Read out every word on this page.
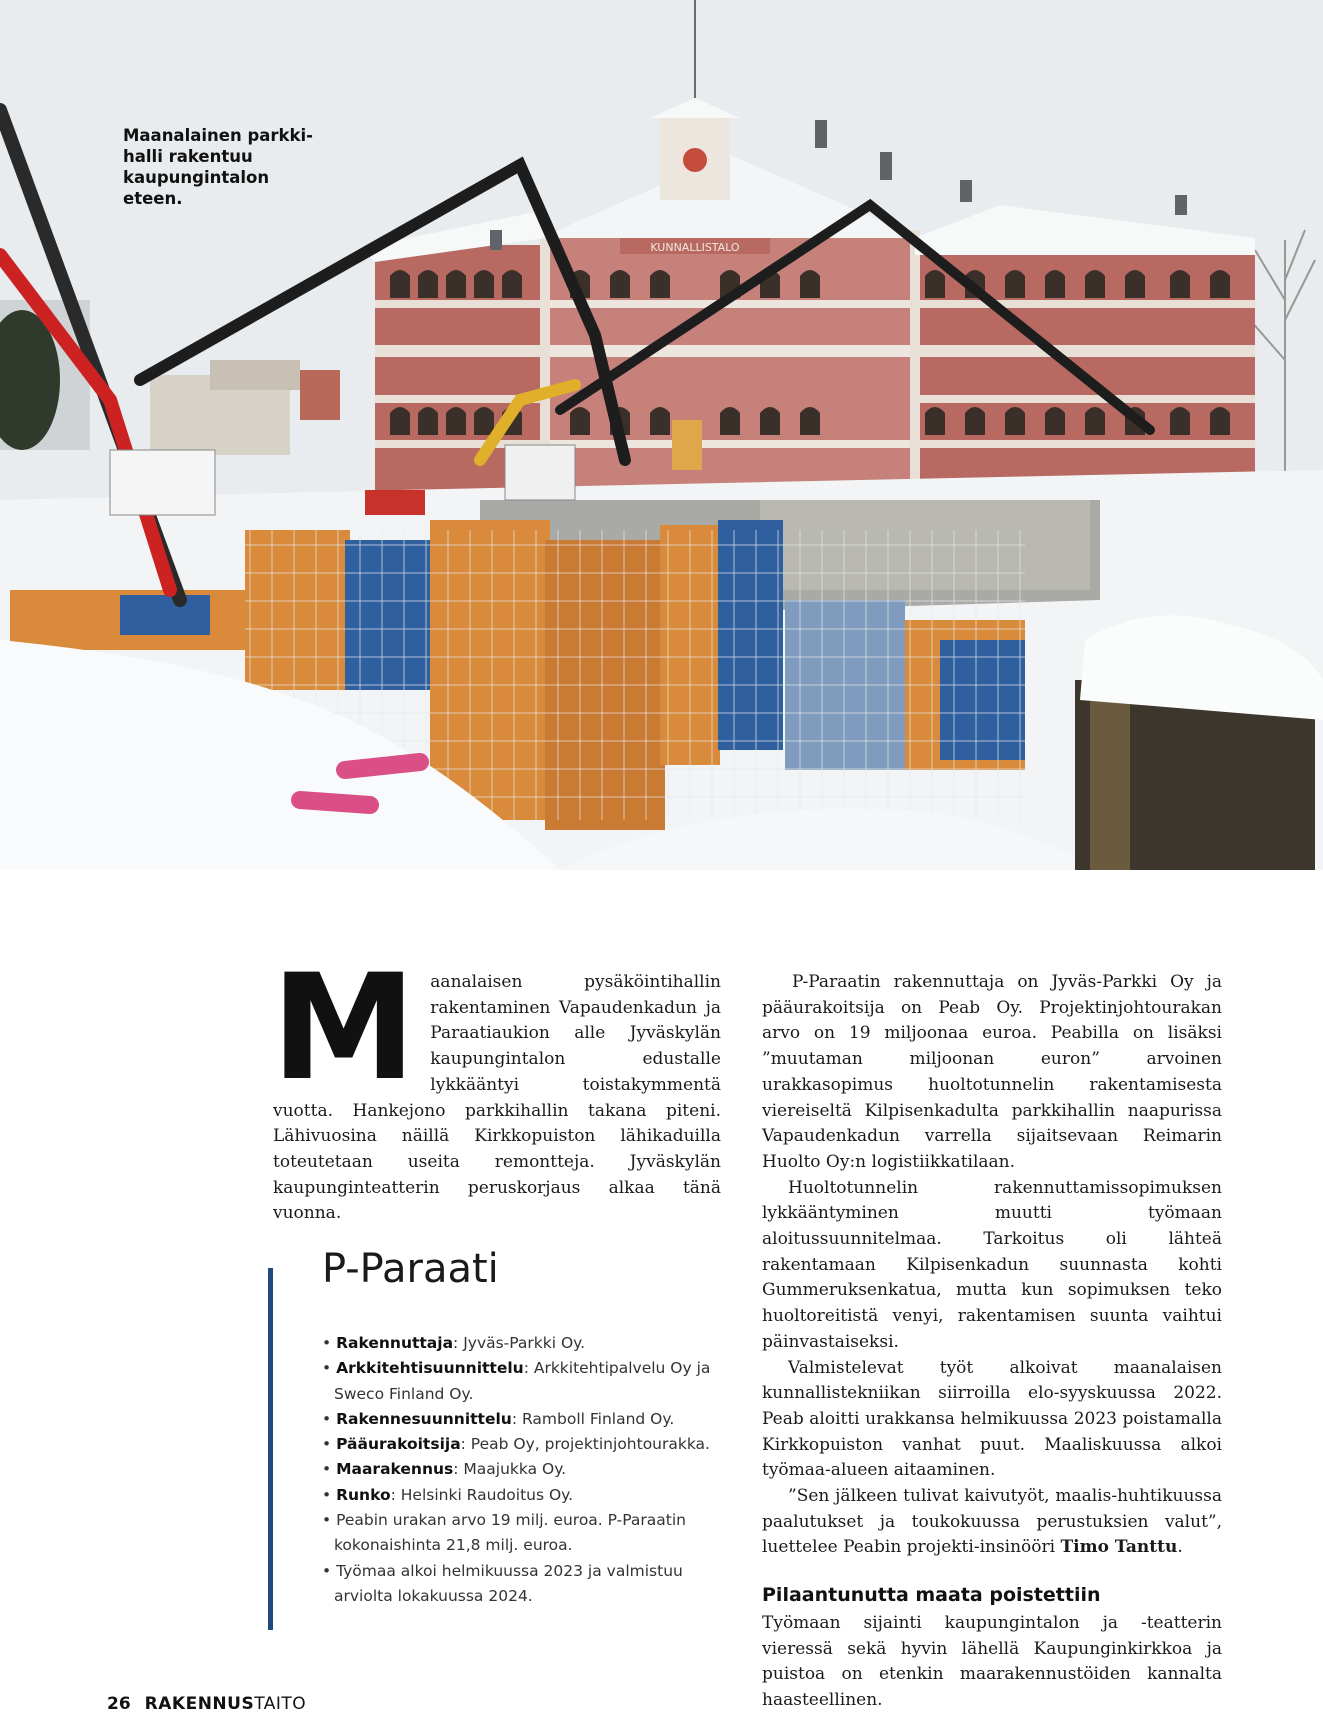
KUNNALLISTALO
Maanalainen parkki-
halli rakentuu
kaupungintalon eteen.

Maanalaisen pysäköintihallin rakentaminen Vapaudenkadun ja Paraatiaukion alle Jyväskylän kaupungintalon edustalle lykkääntyi toistakymmentä vuotta. Hankejono parkkihallin takana piteni. Lähivuosina näillä Kirkkopuiston lähikaduilla toteutetaan useita remontteja. Jyväskylän kaupunginteatterin peruskorjaus alkaa tänä vuonna.

P-Paraati
• Rakennuttaja: Jyväs-Parkki Oy.
• Arkkitehtisuunnittelu: Arkkitehtipalvelu Oy ja Sweco Finland Oy.
• Rakennesuunnittelu: Ramboll Finland Oy.
• Pääurakoitsija: Peab Oy, projektinjohtourakka.
• Maarakennus: Maajukka Oy.
• Runko: Helsinki Raudoitus Oy.
• Peabin urakan arvo 19 milj. euroa. P-Paraatin kokonaishinta 21,8 milj. euroa.
• Työmaa alkoi helmikuussa 2023 ja valmistuu arviolta lokakuussa 2024.

P-Paraatin rakennuttaja on Jyväs-Parkki Oy ja pääurakoitsija on Peab Oy. Projektinjohtourakan arvo on 19 miljoonaa euroa. Peabilla on lisäksi ”muutaman miljoonan euron” arvoinen urakkasopimus huoltotunnelin rakentamisesta viereiseltä Kilpisenkadulta parkkihallin naapurissa Vapaudenkadun varrella sijaitsevaan Reimarin Huolto Oy:n logistiikkatilaan.

Huoltotunnelin rakennuttamissopimuksen lykkääntyminen muutti työmaan aloitussuunnitelmaa. Tarkoitus oli lähteä rakentamaan Kilpisenkadun suunnasta kohti Gummeruksenkatua, mutta kun sopimuksen teko huoltoreitistä venyi, rakentamisen suunta vaihtui päinvastaiseksi.

Valmistelevat työt alkoivat maanalaisen kunnallistekniikan siirroilla elo-syyskuussa 2022. Peab aloitti urakkansa helmikuussa 2023 poistamalla Kirkkopuiston vanhat puut. Maaliskuussa alkoi työmaa-alueen aitaaminen.

”Sen jälkeen tulivat kaivutyöt, maalis-huhtikuussa paalutukset ja toukokuussa perustuksien valut”, luettelee Peabin projekti-insinööri Timo Tanttu.

Pilaantunutta maata poistettiin

Työmaan sijainti kaupungintalon ja -teatterin vieressä sekä hyvin lähellä Kaupunginkirkkoa ja puistoa on etenkin maarakennustöiden kannalta haasteellinen.

26 RAKENNUSTAITO
